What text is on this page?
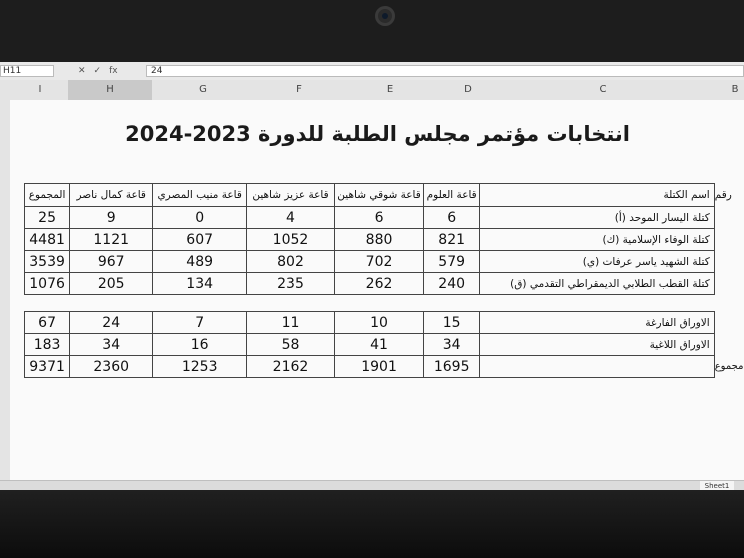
H11	✕ ✓ fx	24
I	H	G	F	E	D	C	B
انتخابات مؤتمر مجلس الطلبة للدورة 2023-2024
المجموع	قاعة كمال ناصر	قاعة منيب المصري	قاعة عزيز شاهين	قاعة شوقي شاهين	قاعة العلوم	اسم الكتلة	رقم
25	9	0	4	6	6	كتلة اليسار الموحد (أ)	
4481	1121	607	1052	880	821	كتلة الوفاء الإسلامية (ك)	
3539	967	489	802	702	579	كتلة الشهيد ياسر عرفات (ي)	
1076	205	134	235	262	240	كتلة القطب الطلابي الديمقراطي التقدمي (ق)	

67	24	7	11	10	15	الاوراق الفارغة	
183	34	16	58	41	34	الاوراق اللاغية	
9371	2360	1253	2162	1901	1695		مجموع
Sheet1
